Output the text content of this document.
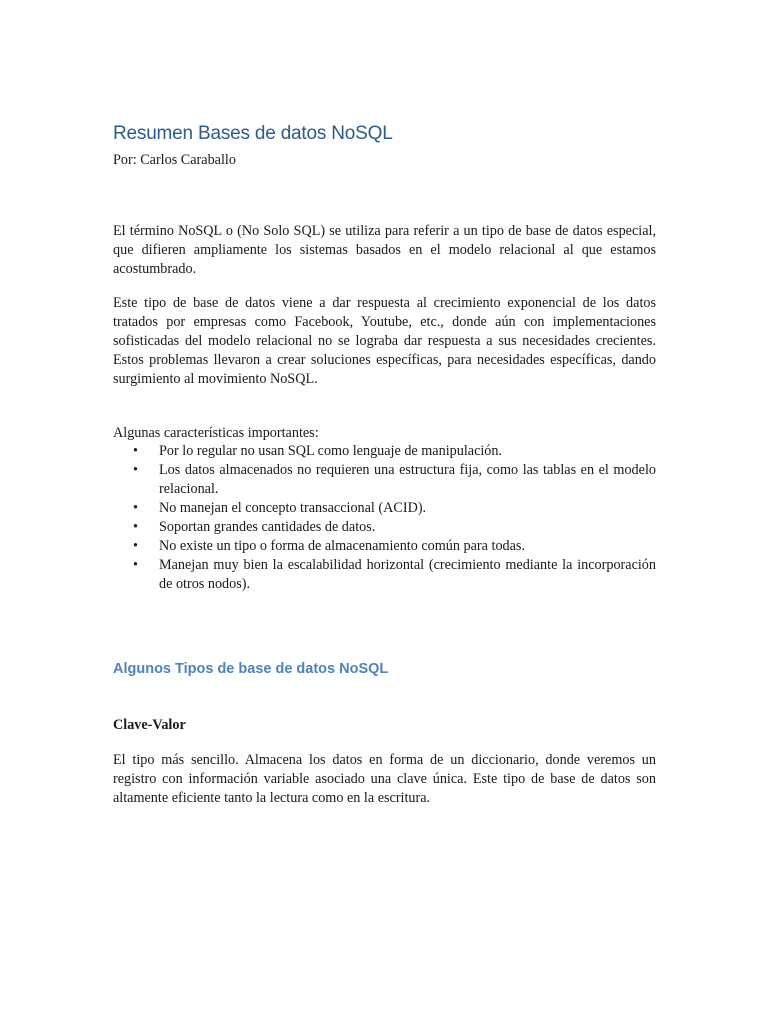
Resumen Bases de datos NoSQL
Por: Carlos Caraballo

El término NoSQL o (No Solo SQL) se utiliza para referir a un tipo de base de datos especial, que difieren ampliamente los sistemas basados en el modelo relacional al que estamos acostumbrado.

Este tipo de base de datos viene a dar respuesta al crecimiento exponencial de los datos tratados por empresas como Facebook, Youtube, etc., donde aún con implementaciones sofisticadas del modelo relacional no se lograba dar respuesta a sus necesidades crecientes. Estos problemas llevaron a crear soluciones específicas, para necesidades específicas, dando surgimiento al movimiento NoSQL.

Algunas características importantes:
• Por lo regular no usan SQL como lenguaje de manipulación.
• Los datos almacenados no requieren una estructura fija, como las tablas en el modelo relacional.
• No manejan el concepto transaccional (ACID).
• Soportan grandes cantidades de datos.
• No existe un tipo o forma de almacenamiento común para todas.
• Manejan muy bien la escalabilidad horizontal (crecimiento mediante la incorporación de otros nodos).
Algunos Tipos de base de datos NoSQL
Clave-Valor

El tipo más sencillo. Almacena los datos en forma de un diccionario, donde veremos un registro con información variable asociado una clave única. Este tipo de base de datos son altamente eficiente tanto la lectura como en la escritura.
